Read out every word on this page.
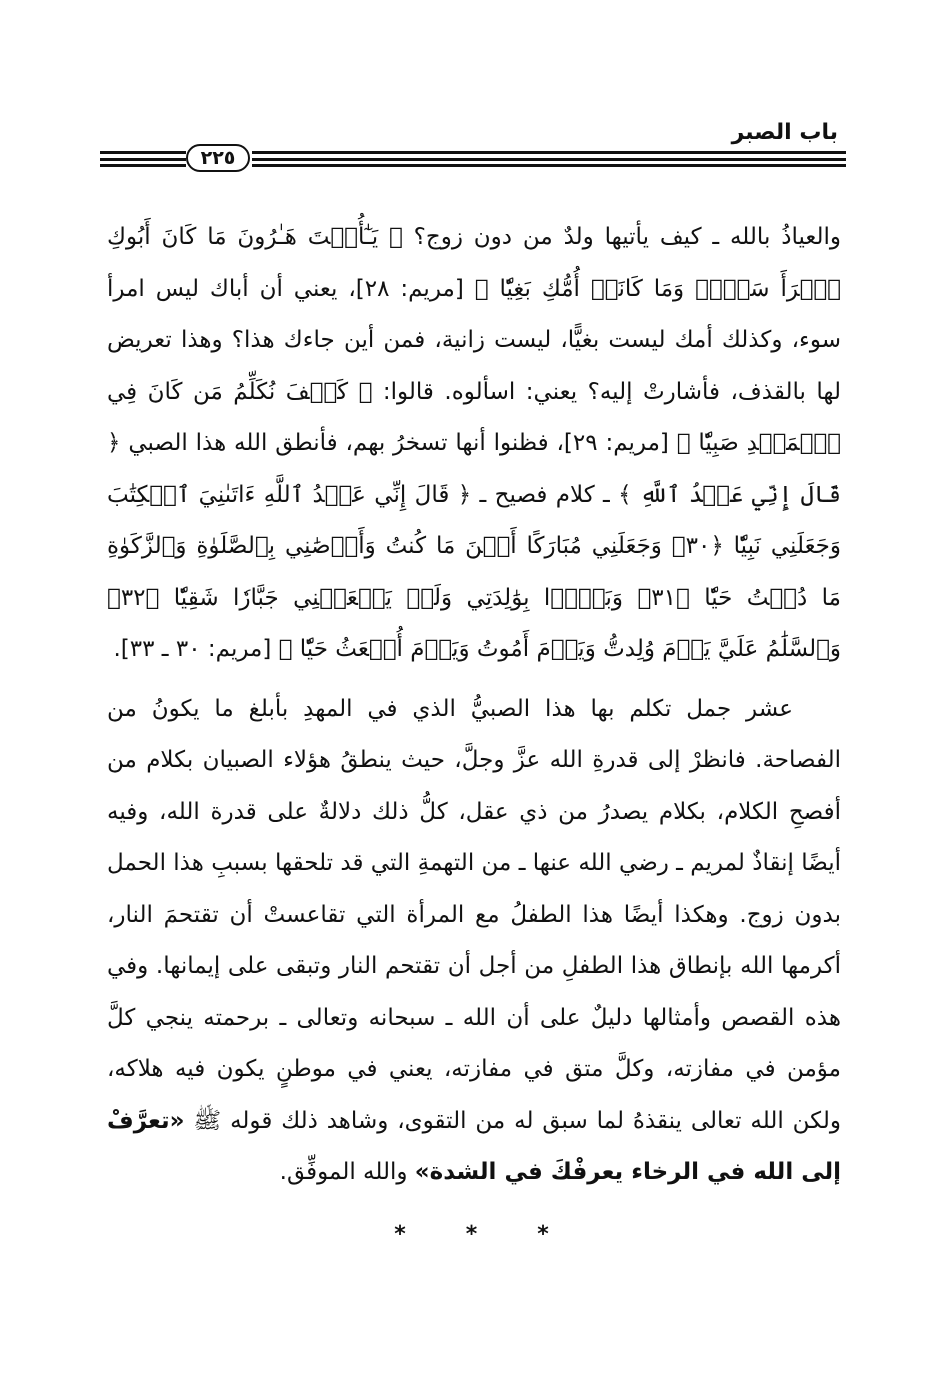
باب الصبر
٢٢٥

والعياذُ بالله ـ كيف يأتيها ولدٌ من دون زوج؟ ﴿ يَـٰٓأُخۡتَ هَـٰرُونَ مَا كَانَ أَبُوكِ ٱمۡرَأَ سَوۡءٖ وَمَا كَانَتۡ أُمُّكِ بَغِيّٗا ﴾ [مريم: ٢٨]، يعني أن أباك ليس امرأ سوء، وكذلك أمك ليست بغيًّا، ليست زانية، فمن أين جاءك هذا؟ وهذا تعريض لها بالقذف، فأشارتْ إليه؟ يعني: اسألوه. قالوا: ﴿ كَيۡفَ نُكَلِّمُ مَن كَانَ فِي ٱلۡمَهۡدِ صَبِيّٗا ﴾ [مريم: ٢٩]، فظنوا أنها تسخرُ بهم، فأنطق الله هذا الصبي ﴿ قَالَ إِنِّي عَبۡدُ ٱللَّهِ ﴾ ـ كلام فصيح ـ ﴿ قَالَ إِنِّي عَبۡدُ ٱللَّهِ ءَاتَىٰنِيَ ٱلۡكِتَٰبَ وَجَعَلَنِي نَبِيّٗا ﴿٣٠﴾ وَجَعَلَنِي مُبَارَكًا أَيۡنَ مَا كُنتُ وَأَوۡصَٰنِي بِٱلصَّلَوٰةِ وَٱلزَّكَوٰةِ مَا دُمۡتُ حَيّٗا ﴿٣١﴾ وَبَرَّۢا بِوَٰلِدَتِي وَلَمۡ يَجۡعَلۡنِي جَبَّارٗا شَقِيّٗا ﴿٣٢﴾ وَٱلسَّلَٰمُ عَلَيَّ يَوۡمَ وُلِدتُّ وَيَوۡمَ أَمُوتُ وَيَوۡمَ أُبۡعَثُ حَيّٗا ﴾ [مريم: ٣٠ ـ ٣٣].

عشر جمل تكلم بها هذا الصبيُّ الذي في المهدِ بأبلغ ما يكونُ من الفصاحة. فانظرْ إلى قدرةِ الله عزَّ وجلَّ، حيث ينطقُ هؤلاء الصبيان بكلام من أفصحِ الكلام، بكلام يصدرُ من ذي عقل، كلُّ ذلك دلالةٌ على قدرة الله، وفيه أيضًا إنقاذٌ لمريم ـ رضي الله عنها ـ من التهمةِ التي قد تلحقها بسببِ هذا الحمل بدون زوج. وهكذا أيضًا هذا الطفلُ مع المرأة التي تقاعستْ أن تقتحمَ النار، أكرمها الله بإنطاق هذا الطفلِ من أجل أن تقتحم النار وتبقى على إيمانها. وفي هذه القصص وأمثالها دليلٌ على أن الله ـ سبحانه وتعالى ـ برحمته ينجي كلَّ مؤمن في مفازته، وكلَّ متق في مفازته، يعني في موطنٍ يكون فيه هلاكه، ولكن الله تعالى ينقذهُ لما سبق له من التقوى، وشاهد ذلك قوله ﷺ «تعرَّفْ إلى الله في الرخاء يعرفْكَ في الشدة» والله الموفِّق.

*	*	*
